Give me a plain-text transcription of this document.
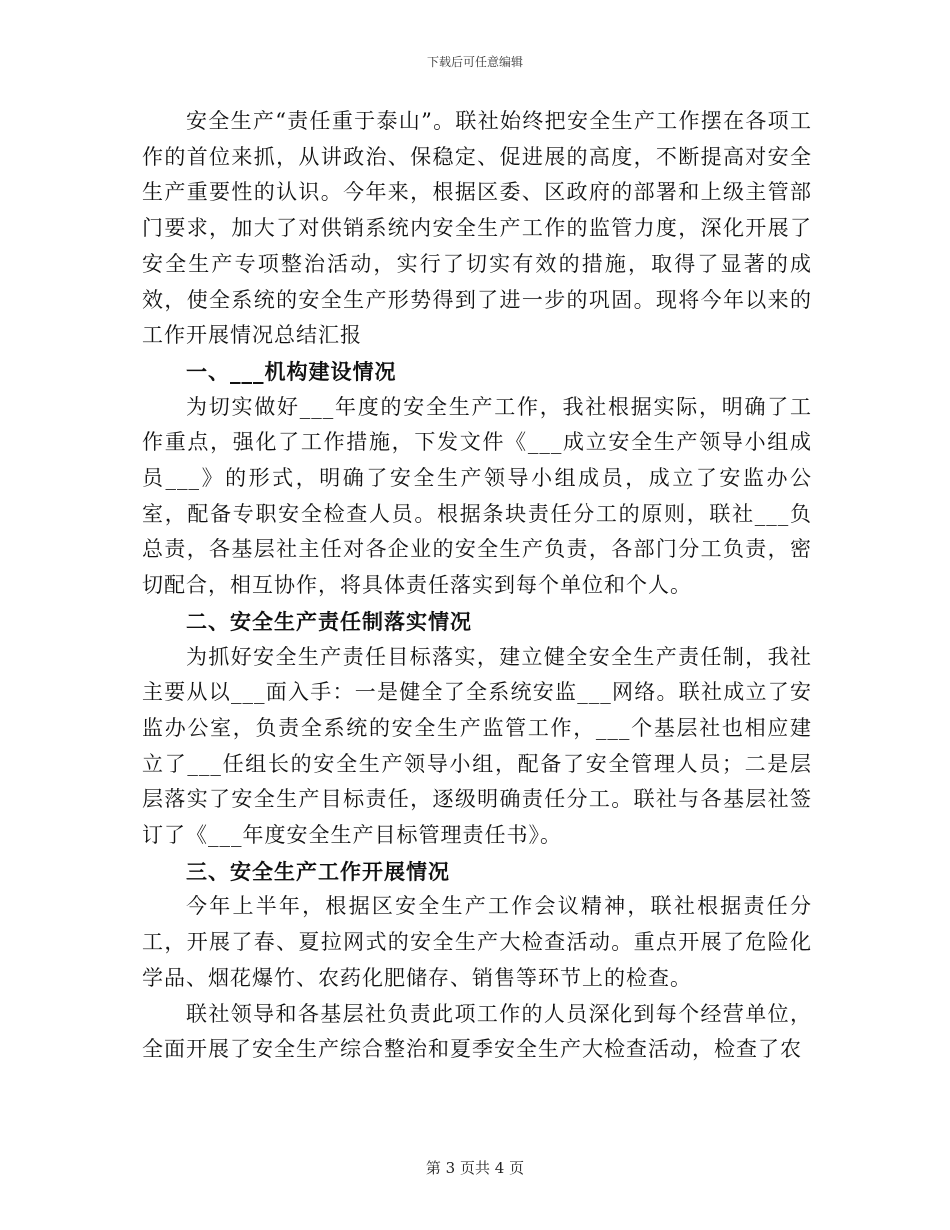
下载后可任意编辑

安全生产“责任重于泰山”。联社始终把安全生产工作摆在各项工作的首位来抓，从讲政治、保稳定、促进展的高度，不断提高对安全生产重要性的认识。今年来，根据区委、区政府的部署和上级主管部门要求，加大了对供销系统内安全生产工作的监管力度，深化开展了安全生产专项整治活动，实行了切实有效的措施，取得了显著的成效，使全系统的安全生产形势得到了进一步的巩固。现将今年以来的工作开展情况总结汇报

一、___机构建设情况

为切实做好___年度的安全生产工作，我社根据实际，明确了工作重点，强化了工作措施，下发文件《___成立安全生产领导小组成员___》的形式，明确了安全生产领导小组成员，成立了安监办公室，配备专职安全检查人员。根据条块责任分工的原则，联社___负总责，各基层社主任对各企业的安全生产负责，各部门分工负责，密切配合，相互协作，将具体责任落实到每个单位和个人。

二、安全生产责任制落实情况

为抓好安全生产责任目标落实，建立健全安全生产责任制，我社主要从以___面入手：一是健全了全系统安监___网络。联社成立了安监办公室，负责全系统的安全生产监管工作，___个基层社也相应建立了___任组长的安全生产领导小组，配备了安全管理人员；二是层层落实了安全生产目标责任，逐级明确责任分工。联社与各基层社签订了《___年度安全生产目标管理责任书》。

三、安全生产工作开展情况

今年上半年，根据区安全生产工作会议精神，联社根据责任分工，开展了春、夏拉网式的安全生产大检查活动。重点开展了危险化学品、烟花爆竹、农药化肥储存、销售等环节上的检查。

联社领导和各基层社负责此项工作的人员深化到每个经营单位，全面开展了安全生产综合整治和夏季安全生产大检查活动，检查了农

第 3 页共 4 页
